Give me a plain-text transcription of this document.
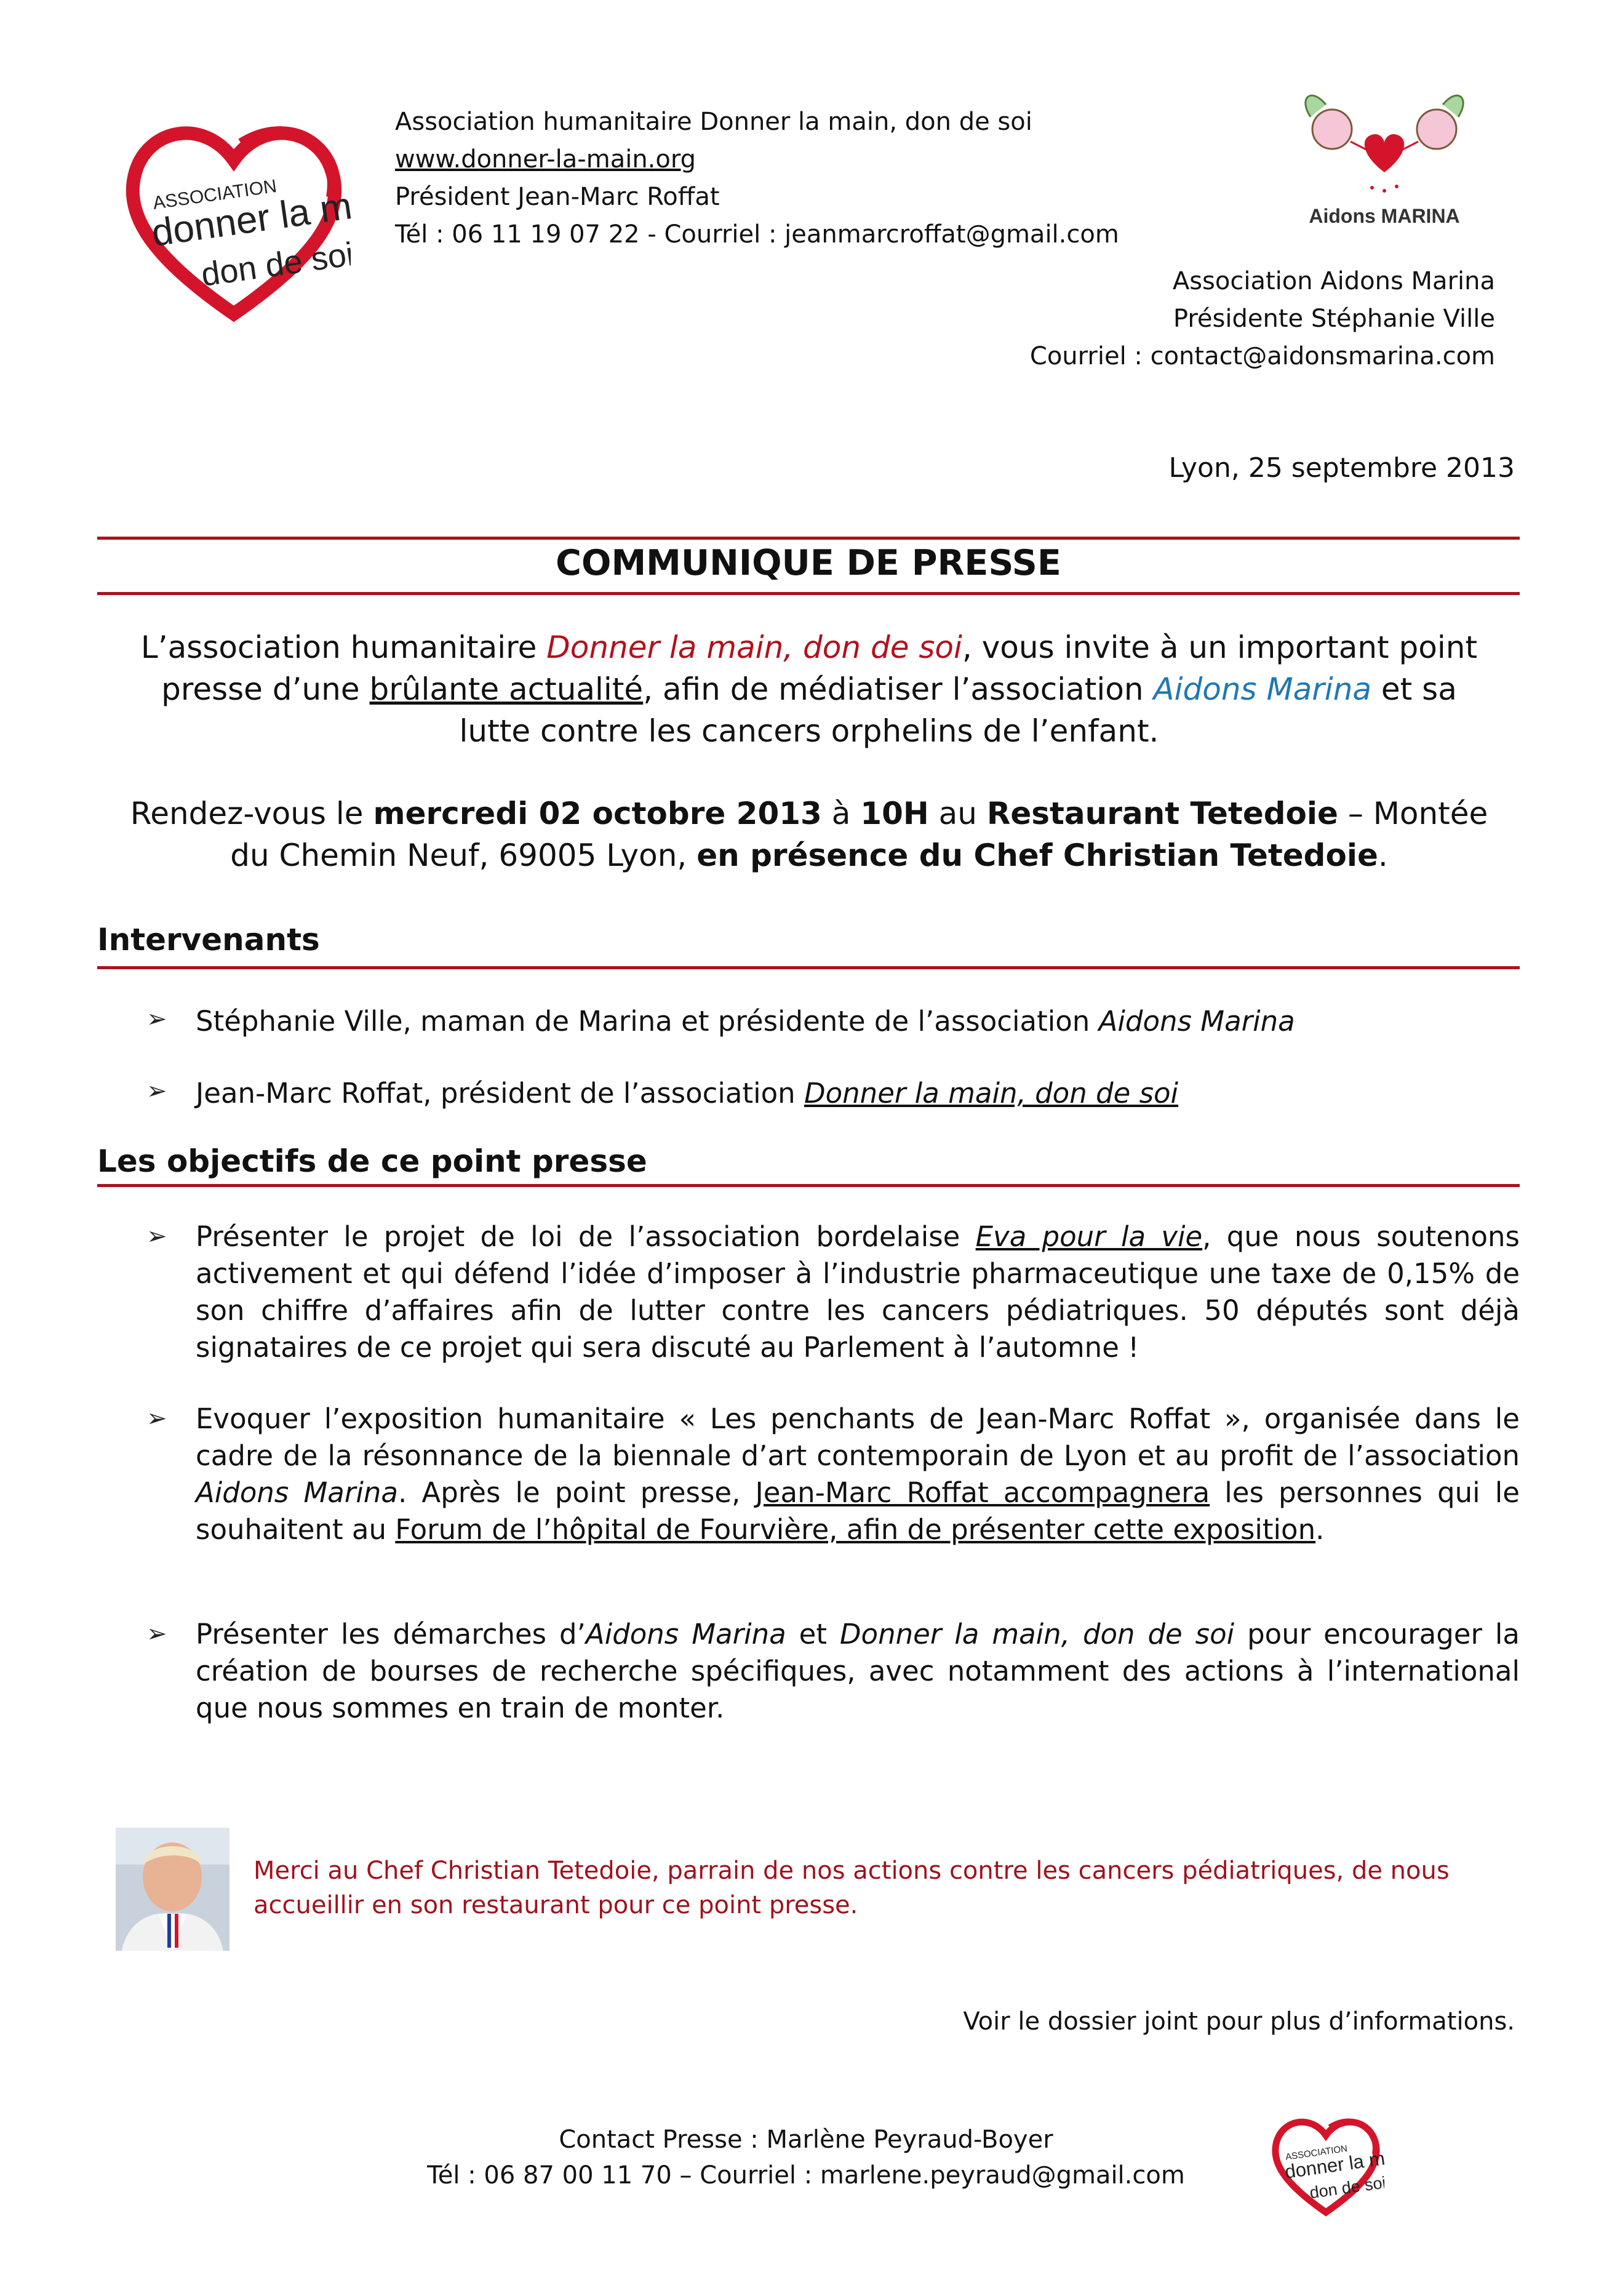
ASSOCIATION
donner la main
don de soi
Association humanitaire Donner la main, don de soi
www.donner-la-main.org
Président Jean-Marc Roffat
Tél : 06 11 19 07 22 - Courriel : jeanmarcroffat@gmail.com
Aidons MARINA
Association Aidons Marina
Présidente Stéphanie Ville
Courriel : contact@aidonsmarina.com
Lyon, 25 septembre 2013
COMMUNIQUE DE PRESSE
L’association humanitaire Donner la main, don de soi, vous invite à un important point presse d’une brûlante actualité, afin de médiatiser l’association Aidons Marina et sa lutte contre les cancers orphelins de l’enfant.
Rendez-vous le mercredi 02 octobre 2013 à 10H au Restaurant Tetedoie – Montée du Chemin Neuf, 69005 Lyon, en présence du Chef Christian Tetedoie.
Intervenants
➢	Stéphanie Ville, maman de Marina et présidente de l’association Aidons Marina
➢	Jean-Marc Roffat, président de l’association Donner la main, don de soi
Les objectifs de ce point presse
➢	Présenter le projet de loi de l’association bordelaise Eva pour la vie, que nous soutenons activement et qui défend l’idée d’imposer à l’industrie pharmaceutique une taxe de 0,15% de son chiffre d’affaires afin de lutter contre les cancers pédiatriques. 50 députés sont déjà signataires de ce projet qui sera discuté au Parlement à l’automne !
➢	Evoquer l’exposition humanitaire « Les penchants de Jean-Marc Roffat », organisée dans le cadre de la résonnance de la biennale d’art contemporain de Lyon et au profit de l’association Aidons Marina. Après le point presse, Jean-Marc Roffat accompagnera les personnes qui le souhaitent au Forum de l’hôpital de Fourvière, afin de présenter cette exposition.
➢	Présenter les démarches d’Aidons Marina et Donner la main, don de soi pour encourager la création de bourses de recherche spécifiques, avec notamment des actions à l’international que nous sommes en train de monter.
Merci au Chef Christian Tetedoie, parrain de nos actions contre les cancers pédiatriques, de nous accueillir en son restaurant pour ce point presse.
Voir le dossier joint pour plus d’informations.
Contact Presse : Marlène Peyraud-Boyer
Tél : 06 87 00 11 70 – Courriel : marlene.peyraud@gmail.com
ASSOCIATION
donner la main
don de soi
